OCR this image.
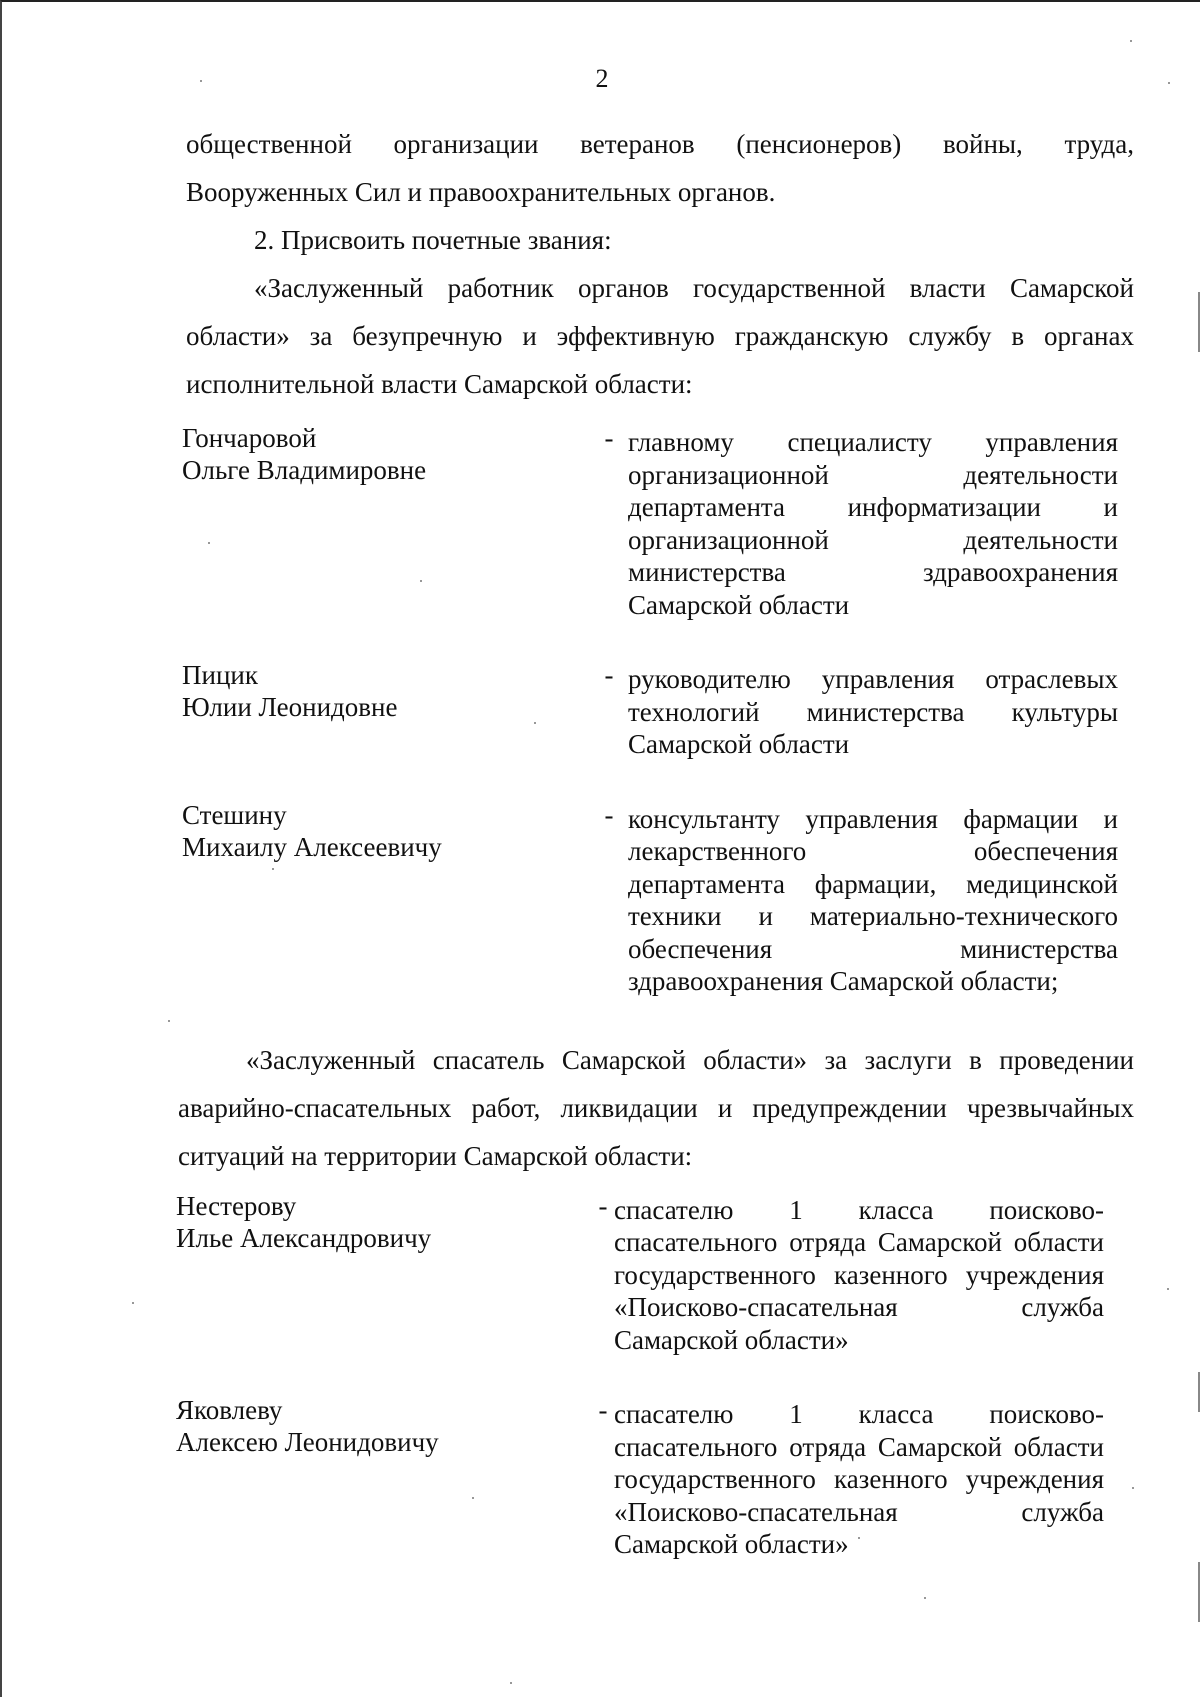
2

общественной организации ветеранов (пенсионеров) войны, труда,

Вооруженных Сил и правоохранительных органов.

2. Присвоить почетные звания:

«Заслуженный работник органов государственной власти Самарской области» за безупречную и эффективную гражданскую службу в органах исполнительной власти Самарской области:

Гончаровой
Ольге Владимировне
- главному специалисту управления организационной деятельности департамента информатизации и организационной деятельности министерства здравоохранения Самарской области
Пицик
Юлии Леонидовне
- руководителю управления отраслевых технологий министерства культуры Самарской области
Стешину
Михаилу Алексеевичу
- консультанту управления фармации и лекарственного обеспечения департамента фармации, медицинской техники и материально-технического обеспечения министерства здравоохранения Самарской области;

«Заслуженный спасатель Самарской области» за заслуги в проведении аварийно-спасательных работ, ликвидации и предупреждении чрезвычайных ситуаций на территории Самарской области:

Нестерову
Илье Александровичу
- спасателю 1 класса поисково-спасательного отряда Самарской области государственного казенного учреждения «Поисково-спасательная служба Самарской области»
Яковлеву
Алексею Леонидовичу
- спасателю 1 класса поисково-спасательного отряда Самарской области государственного казенного учреждения «Поисково-спасательная служба Самарской области»
